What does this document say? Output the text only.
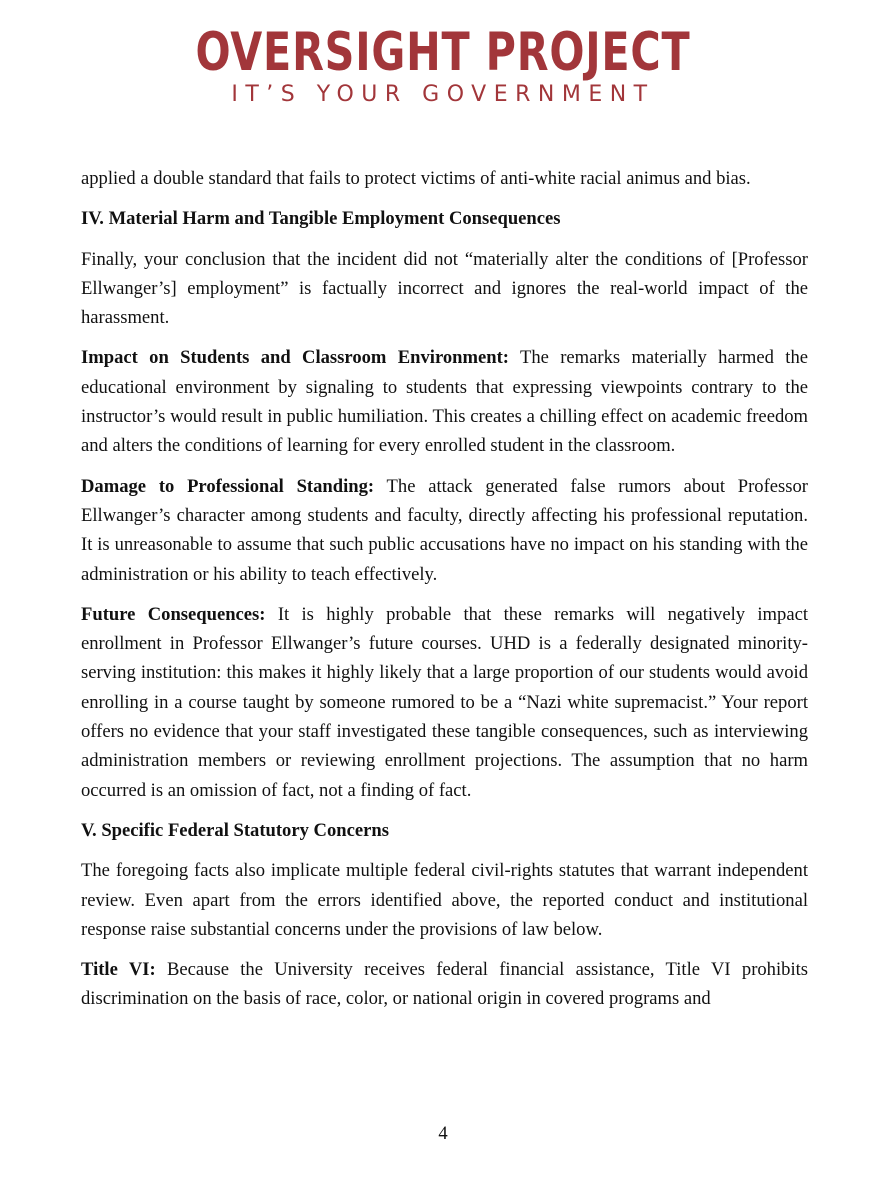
OVERSIGHT PROJECT
IT’S YOUR GOVERNMENT

applied a double standard that fails to protect victims of anti-white racial animus and bias.

IV. Material Harm and Tangible Employment Consequences

Finally, your conclusion that the incident did not “materially alter the conditions of [Professor Ellwanger’s] employment” is factually incorrect and ignores the real-world impact of the harassment.

Impact on Students and Classroom Environment: The remarks materially harmed the educational environment by signaling to students that expressing viewpoints contrary to the instructor’s would result in public humiliation. This creates a chilling effect on academic freedom and alters the conditions of learning for every enrolled student in the classroom.

Damage to Professional Standing: The attack generated false rumors about Professor Ellwanger’s character among students and faculty, directly affecting his professional reputation. It is unreasonable to assume that such public accusations have no impact on his standing with the administration or his ability to teach effectively.

Future Consequences: It is highly probable that these remarks will negatively impact enrollment in Professor Ellwanger’s future courses. UHD is a federally designated minority-serving institution: this makes it highly likely that a large proportion of our students would avoid enrolling in a course taught by someone rumored to be a “Nazi white supremacist.” Your report offers no evidence that your staff investigated these tangible consequences, such as interviewing administration members or reviewing enrollment projections. The assumption that no harm occurred is an omission of fact, not a finding of fact.

V. Specific Federal Statutory Concerns

The foregoing facts also implicate multiple federal civil-rights statutes that warrant independent review. Even apart from the errors identified above, the reported conduct and institutional response raise substantial concerns under the provisions of law below.

Title VI: Because the University receives federal financial assistance, Title VI prohibits discrimination on the basis of race, color, or national origin in covered programs and

4
